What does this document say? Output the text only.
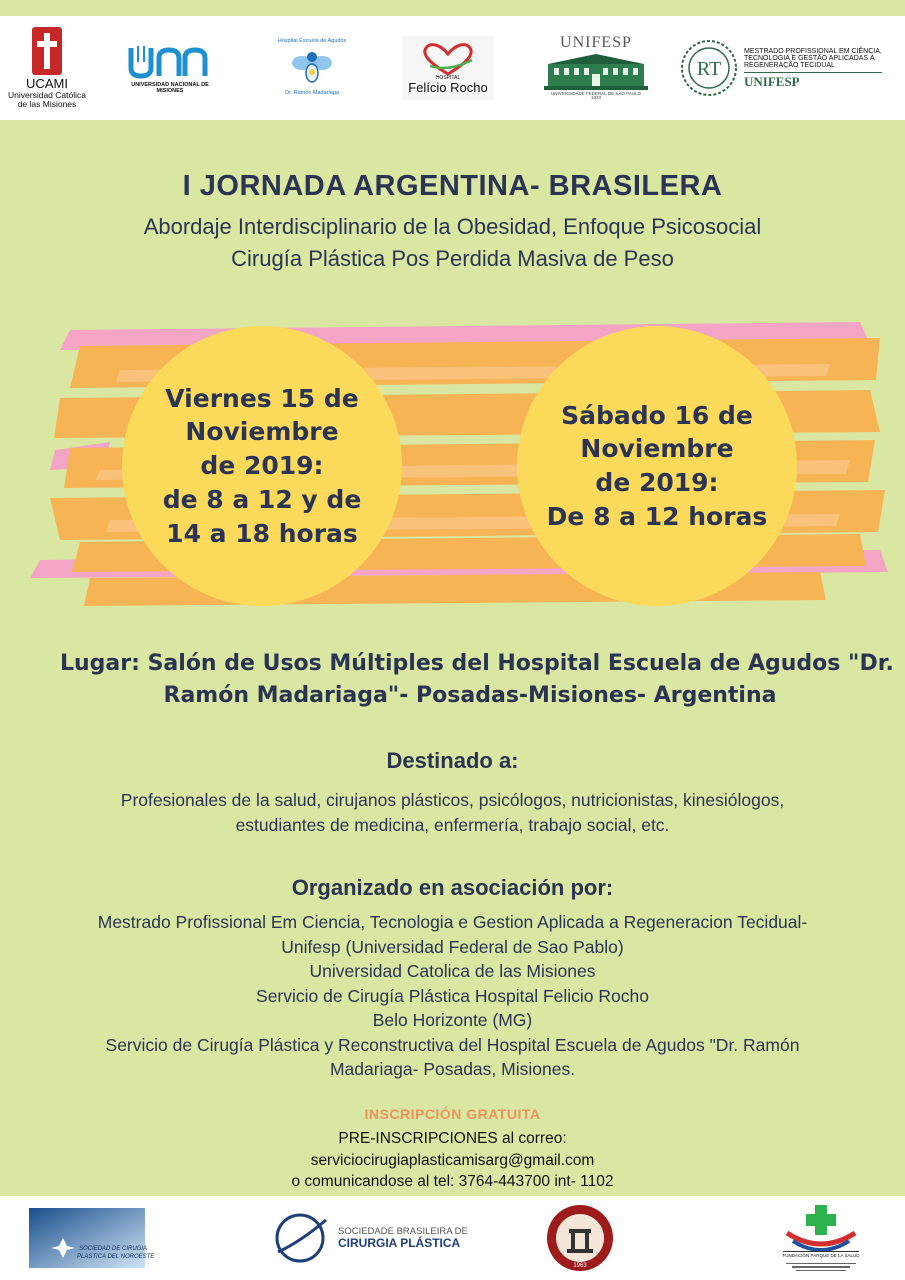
UCAMI
Universidad Católica
de las Misiones
UNIVERSIDAD NACIONAL DE MISIONES
Hospital Escuela de Agudos
Dr. Ramón Madariaga
HOSPITAL
Felício Rocho
UNIFESP
UNIVERSIDADE FEDERAL DE SÃO PAULO
1933
RT
MESTRADO PROFISSIONAL EM CIÊNCIA,
TECNOLOGIA E GESTÃO APLICADAS À
REGENERAÇÃO TECIDUAL
UNIFESP
I JORNADA ARGENTINA- BRASILERA
Abordaje Interdisciplinario de la Obesidad, Enfoque Psicosocial
Cirugía Plástica Pos Perdida Masiva de Peso
Viernes 15 de
Noviembre
de 2019:
de 8 a 12 y de
14 a 18 horas
Sábado 16 de
Noviembre
de 2019:
De 8 a 12 horas
Lugar: Salón de Usos Múltiples del Hospital Escuela de Agudos "Dr.
Ramón Madariaga"- Posadas-Misiones- Argentina
Destinado a:
Profesionales de la salud, cirujanos plásticos, psicólogos, nutricionistas, kinesiólogos,
estudiantes de medicina, enfermería, trabajo social, etc.
Organizado en asociación por:
Mestrado Profissional Em Ciencia, Tecnologia e Gestion Aplicada a Regeneracion Tecidual-
Unifesp (Universidad Federal de Sao Pablo)
Universidad Catolica de las Misiones
Servicio de Cirugía Plástica Hospital Felicio Rocho
Belo Horizonte (MG)
Servicio de Cirugía Plástica y Reconstructiva del Hospital Escuela de Agudos "Dr. Ramón
Madariaga- Posadas, Misiones.
INSCRIPCIÓN GRATUITA
PRE-INSCRIPCIONES al correo:
serviciocirugiaplasticamisarg@gmail.com
o comunicandose al tel: 3764-443700 int- 1102
SOCIEDAD DE CIRUGIA
PLASTICA DEL NOROESTE
SOCIEDADE BRASILEIRA DE
CIRURGIA PLÁSTICA
1963
FUNDACIÓN PARQUE DE LA SALUD
